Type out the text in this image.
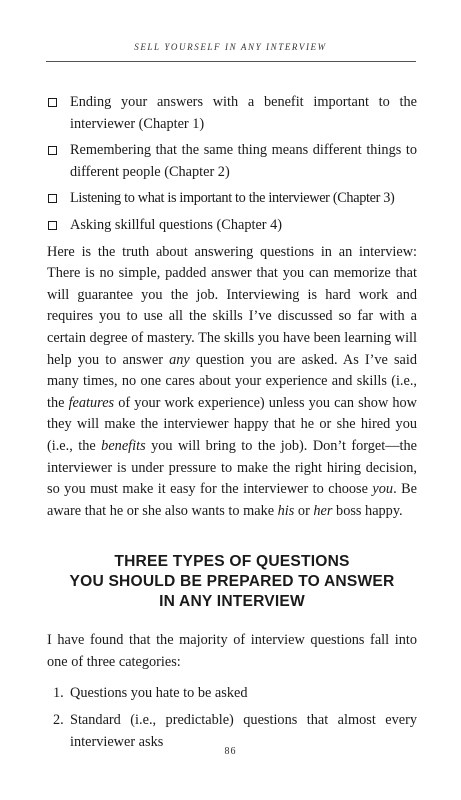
SELL YOURSELF IN ANY INTERVIEW
Ending your answers with a benefit important to the interviewer (Chapter 1)
Remembering that the same thing means different things to different people (Chapter 2)
Listening to what is important to the interviewer (Chapter 3)
Asking skillful questions (Chapter 4)

Here is the truth about answering questions in an interview: There is no simple, padded answer that you can memorize that will guarantee you the job. Interviewing is hard work and requires you to use all the skills I’ve discussed so far with a certain degree of mastery. The skills you have been learning will help you to answer any question you are asked. As I’ve said many times, no one cares about your experience and skills (i.e., the features of your work experience) unless you can show how they will make the interviewer happy that he or she hired you (i.e., the benefits you will bring to the job). Don’t forget—the interviewer is under pressure to make the right hiring decision, so you must make it easy for the interviewer to choose you. Be aware that he or she also wants to make his or her boss happy.

THREE TYPES OF QUESTIONS
YOU SHOULD BE PREPARED TO ANSWER
IN ANY INTERVIEW

I have found that the majority of interview questions fall into one of three categories:

1. Questions you hate to be asked
2. Standard (i.e., predictable) questions that almost every interviewer asks
86
